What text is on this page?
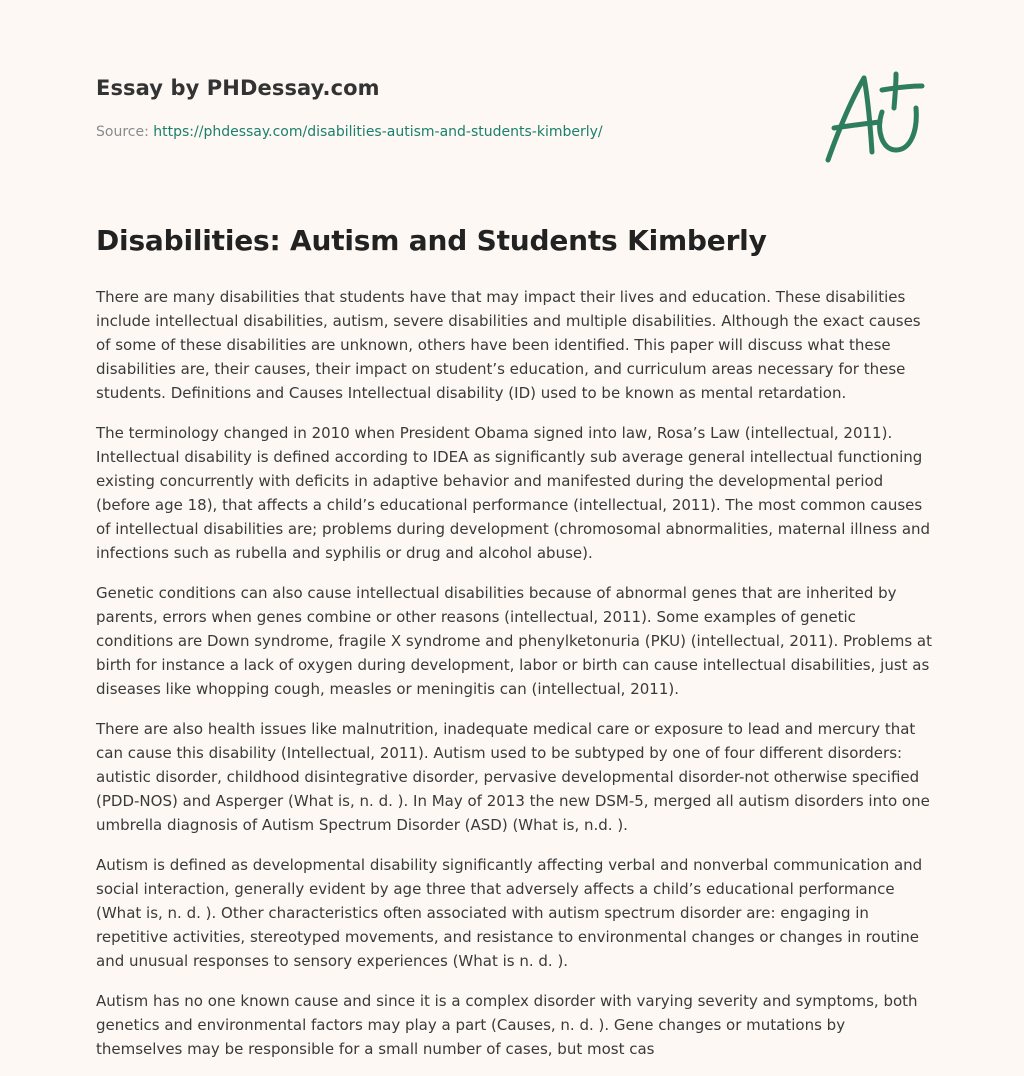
Essay by PHDessay.com
Source: https://phdessay.com/disabilities-autism-and-students-kimberly/
Disabilities: Autism and Students Kimberly

There are many disabilities that students have that may impact their lives and education. These disabilities include intellectual disabilities, autism, severe disabilities and multiple disabilities. Although the exact causes of some of these disabilities are unknown, others have been identified. This paper will discuss what these disabilities are, their causes, their impact on student’s education, and curriculum areas necessary for these students. Definitions and Causes Intellectual disability (ID) used to be known as mental retardation.

The terminology changed in 2010 when President Obama signed into law, Rosa’s Law (intellectual, 2011). Intellectual disability is defined according to IDEA as significantly sub average general intellectual functioning existing concurrently with deficits in adaptive behavior and manifested during the developmental period (before age 18), that affects a child’s educational performance (intellectual, 2011). The most common causes of intellectual disabilities are; problems during development (chromosomal abnormalities, maternal illness and infections such as rubella and syphilis or drug and alcohol abuse).

Genetic conditions can also cause intellectual disabilities because of abnormal genes that are inherited by parents, errors when genes combine or other reasons (intellectual, 2011). Some examples of genetic conditions are Down syndrome, fragile X syndrome and phenylketonuria (PKU) (intellectual, 2011). Problems at birth for instance a lack of oxygen during development, labor or birth can cause intellectual disabilities, just as diseases like whopping cough, measles or meningitis can (intellectual, 2011).

There are also health issues like malnutrition, inadequate medical care or exposure to lead and mercury that can cause this disability (Intellectual, 2011). Autism used to be subtyped by one of four different disorders: autistic disorder, childhood disintegrative disorder, pervasive developmental disorder-not otherwise specified (PDD-NOS) and Asperger (What is, n. d. ). In May of 2013 the new DSM-5, merged all autism disorders into one umbrella diagnosis of Autism Spectrum Disorder (ASD) (What is, n.d. ).

Autism is defined as developmental disability significantly affecting verbal and nonverbal communication and social interaction, generally evident by age three that adversely affects a child’s educational performance (What is, n. d. ). Other characteristics often associated with autism spectrum disorder are: engaging in repetitive activities, stereotyped movements, and resistance to environmental changes or changes in routine and unusual responses to sensory experiences (What is n. d. ).

Autism has no one known cause and since it is a complex disorder with varying severity and symptoms, both genetics and environmental factors may play a part (Causes, n. d. ). Gene changes or mutations by themselves may be responsible for a small number of cases, but most cas
